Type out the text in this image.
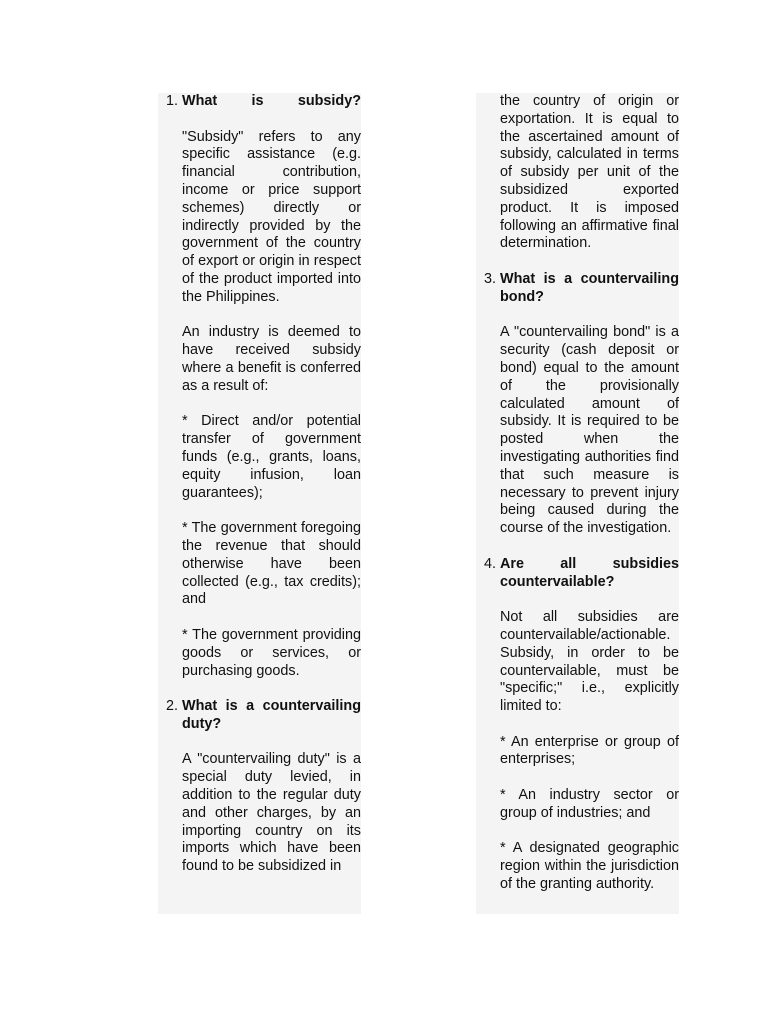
1. What is subsidy?

"Subsidy" refers to any specific assistance (e.g. financial contribution, income or price support schemes) directly or indirectly provided by the government of the country of export or origin in respect of the product imported into the Philippines.

An industry is deemed to have received subsidy where a benefit is conferred as a result of:

* Direct and/or potential transfer of government funds (e.g., grants, loans, equity infusion, loan guarantees);

* The government foregoing the revenue that should otherwise have been collected (e.g., tax credits); and

* The government providing goods or services, or purchasing goods.

2. What is a countervailing duty?

A "countervailing duty" is a special duty levied, in addition to the regular duty and other charges, by an importing country on its imports which have been found to be subsidized in

the country of origin or exportation. It is equal to the ascertained amount of subsidy, calculated in terms of subsidy per unit of the subsidized exported product. It is imposed following an affirmative final determination.

3. What is a countervailing bond?

A "countervailing bond" is a security (cash deposit or bond) equal to the amount of the provisionally calculated amount of subsidy. It is required to be posted when the investigating authorities find that such measure is necessary to prevent injury being caused during the course of the investigation.

4. Are all subsidies countervailable?

Not all subsidies are countervailable/actionable. Subsidy, in order to be countervailable, must be "specific;" i.e., explicitly limited to:

* An enterprise or group of enterprises;

* An industry sector or group of industries; and

* A designated geographic region within the jurisdiction of the granting authority.
